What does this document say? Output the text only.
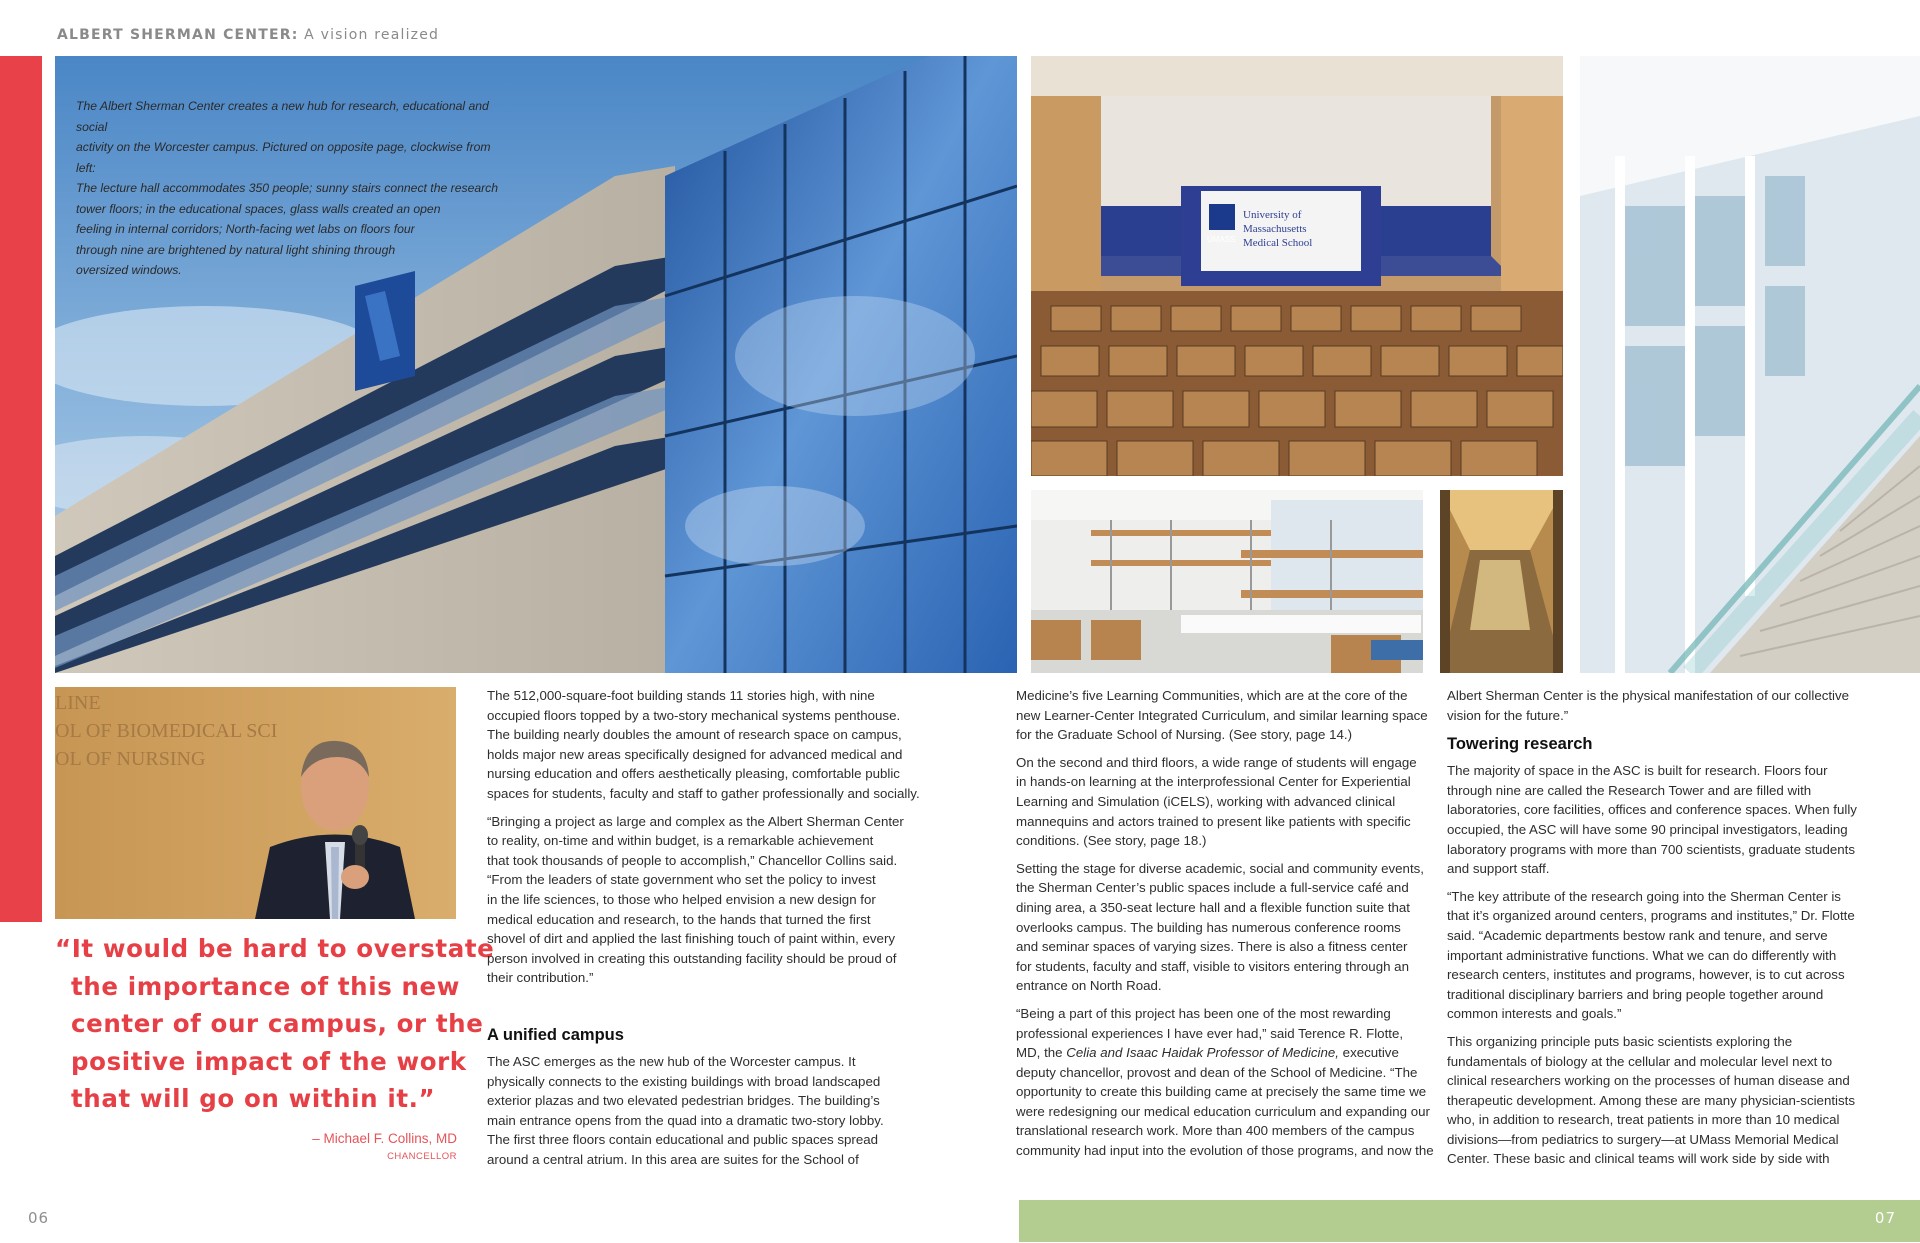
ALBERT SHERMAN CENTER: A vision realized
06	07
The Albert Sherman Center creates a new hub for research, educational and social
activity on the Worcester campus. Pictured on opposite page, clockwise from left:
The lecture hall accommodates 350 people; sunny stairs connect the research
tower floors; in the educational spaces, glass walls created an open
feeling in internal corridors; North-facing wet labs on floors four
through nine are brightened by natural light shining through
oversized windows.
University of
Massachusetts
Medical School
UMASS
LINE
OL OF BIOMEDICAL SCI
OL OF NURSING
“It would be hard to overstate
the importance of this new
center of our campus, or the
positive impact of the work
that will go on within it.”
– Michael F. Collins, MD
CHANCELLOR

The 512,000-square-foot building stands 11 stories high, with nine
occupied floors topped by a two-story mechanical systems penthouse.
The building nearly doubles the amount of research space on campus,
holds major new areas specifically designed for advanced medical and
nursing education and offers aesthetically pleasing, comfortable public
spaces for students, faculty and staff to gather professionally and socially.

“Bringing a project as large and complex as the Albert Sherman Center
to reality, on-time and within budget, is a remarkable achievement
that took thousands of people to accomplish,” Chancellor Collins said.
“From the leaders of state government who set the policy to invest
in the life sciences, to those who helped envision a new design for
medical education and research, to the hands that turned the first
shovel of dirt and applied the last finishing touch of paint within, every
person involved in creating this outstanding facility should be proud of
their contribution.”

A unified campus

The ASC emerges as the new hub of the Worcester campus. It
physically connects to the existing buildings with broad landscaped
exterior plazas and two elevated pedestrian bridges. The building’s
main entrance opens from the quad into a dramatic two-story lobby.
The first three floors contain educational and public spaces spread
around a central atrium. In this area are suites for the School of

Medicine’s five Learning Communities, which are at the core of the
new Learner-Center Integrated Curriculum, and similar learning space
for the Graduate School of Nursing. (See story, page 14.)

On the second and third floors, a wide range of students will engage
in hands-on learning at the interprofessional Center for Experiential
Learning and Simulation (iCELS), working with advanced clinical
mannequins and actors trained to present like patients with specific
conditions. (See story, page 18.)

Setting the stage for diverse academic, social and community events,
the Sherman Center’s public spaces include a full-service café and
dining area, a 350-seat lecture hall and a flexible function suite that
overlooks campus. The building has numerous conference rooms
and seminar spaces of varying sizes. There is also a fitness center
for students, faculty and staff, visible to visitors entering through an
entrance on North Road.

“Being a part of this project has been one of the most rewarding
professional experiences I have ever had,” said Terence R. Flotte,
MD, the Celia and Isaac Haidak Professor of Medicine, executive
deputy chancellor, provost and dean of the School of Medicine. “The
opportunity to create this building came at precisely the same time we
were redesigning our medical education curriculum and expanding our
translational research work. More than 400 members of the campus
community had input into the evolution of those programs, and now the

Albert Sherman Center is the physical manifestation of our collective
vision for the future.”

Towering research

The majority of space in the ASC is built for research. Floors four
through nine are called the Research Tower and are filled with
laboratories, core facilities, offices and conference spaces. When fully
occupied, the ASC will have some 90 principal investigators, leading
laboratory programs with more than 700 scientists, graduate students
and support staff.

“The key attribute of the research going into the Sherman Center is
that it’s organized around centers, programs and institutes,” Dr. Flotte
said. “Academic departments bestow rank and tenure, and serve
important administrative functions. What we can do differently with
research centers, institutes and programs, however, is to cut across
traditional disciplinary barriers and bring people together around
common interests and goals.”

This organizing principle puts basic scientists exploring the
fundamentals of biology at the cellular and molecular level next to
clinical researchers working on the processes of human disease and
therapeutic development. Among these are many physician-scientists
who, in addition to research, treat patients in more than 10 medical
divisions—from pediatrics to surgery—at UMass Memorial Medical
Center. These basic and clinical teams will work side by side with
